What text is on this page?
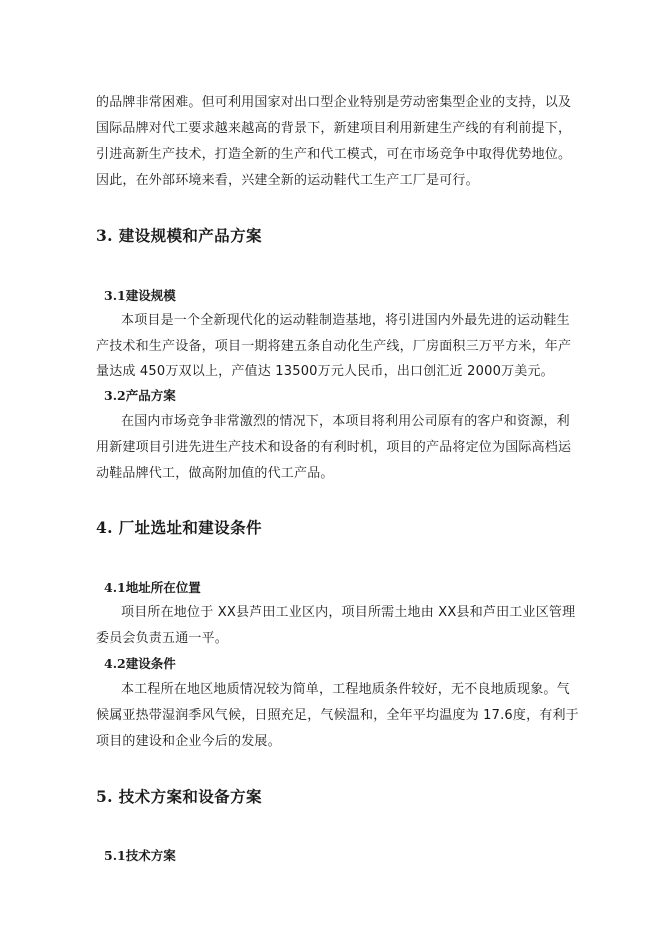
的品牌非常困难。但可利用国家对出口型企业特别是劳动密集型企业的支持，以及
国际品牌对代工要求越来越高的背景下，新建项目利用新建生产线的有利前提下，
引进高新生产技术，打造全新的生产和代工模式，可在市场竞争中取得优势地位。
因此，在外部环境来看，兴建全新的运动鞋代工生产工厂是可行。
3. 建设规模和产品方案
3.1建设规模
本项目是一个全新现代化的运动鞋制造基地，将引进国内外最先进的运动鞋生
产技术和生产设备，项目一期将建五条自动化生产线，厂房面积三万平方米，年产
量达成 450万双以上，产值达 13500万元人民币，出口创汇近 2000万美元。
3.2产品方案
在国内市场竞争非常激烈的情况下，本项目将利用公司原有的客户和资源，利
用新建项目引进先进生产技术和设备的有利时机，项目的产品将定位为国际高档运
动鞋品牌代工，做高附加值的代工产品。
4. 厂址选址和建设条件
4.1地址所在位置
项目所在地位于 XX县芦田工业区内，项目所需土地由 XX县和芦田工业区管理
委员会负责五通一平。
4.2建设条件
本工程所在地区地质情况较为简单，工程地质条件较好，无不良地质现象。气
候属亚热带湿润季风气候，日照充足，气候温和，全年平均温度为 17.6度，有利于
项目的建设和企业今后的发展。
5. 技术方案和设备方案
5.1技术方案
